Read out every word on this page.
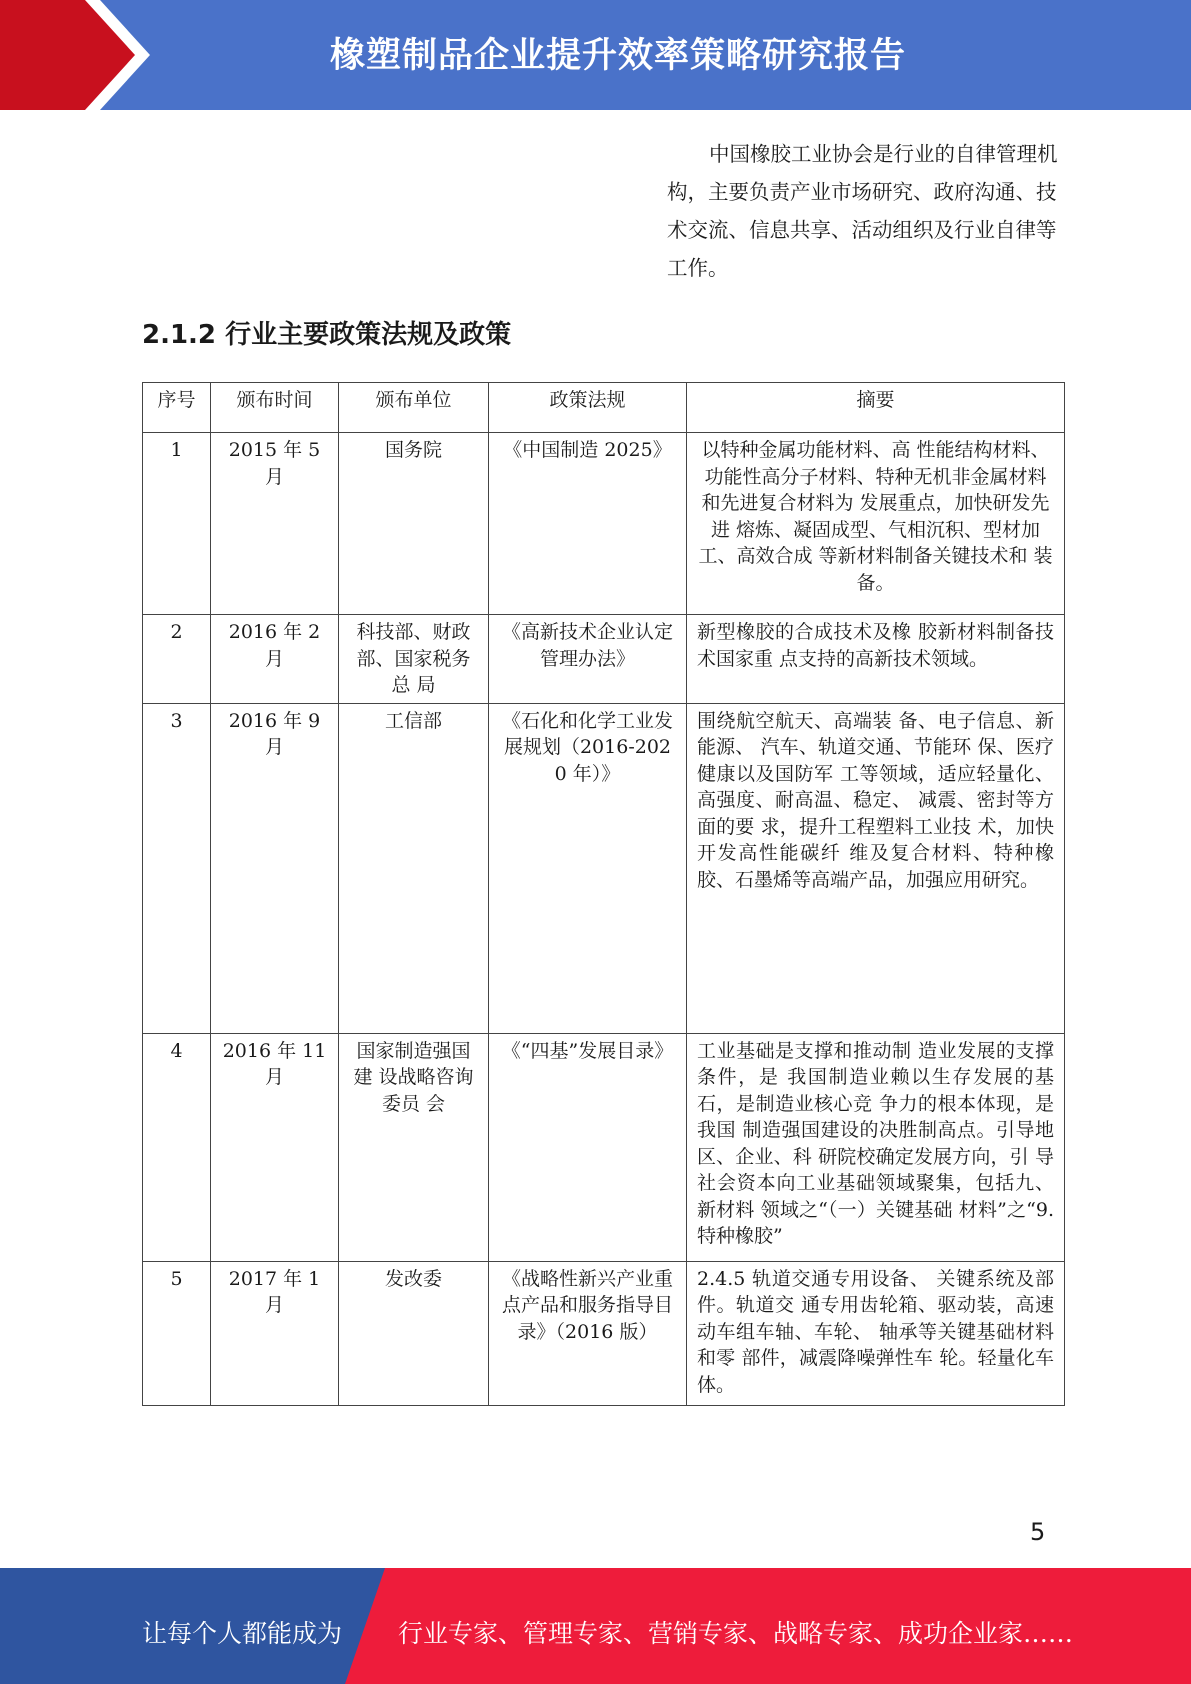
橡塑制品企业提升效率策略研究报告
中国橡胶工业协会是行业的自律管理机构，主要负责产业市场研究、政府沟通、技术交流、信息共享、活动组织及行业自律等工作。
2.1.2 行业主要政策法规及政策
序号	颁布时间	颁布单位	政策法规	摘要
1	2015 年 5 月	国务院	《中国制造 2025》	以特种金属功能材料、高 性能结构材料、功能性高分子材料、特种无机非金属材料和先进复合材料为 发展重点，加快研发先进 熔炼、凝固成型、气相沉积、型材加工、高效合成 等新材料制备关键技术和 装备。
2	2016 年 2 月	科技部、财政部、国家税务总 局	《高新技术企业认定 管理办法》	新型橡胶的合成技术及橡 胶新材料制备技术国家重 点支持的高新技术领域。
3	2016 年 9月	工信部	《石化和化学工业发 展规划（2016-2020 年）》	围绕航空航天、高端装 备、电子信息、新能源、 汽车、轨道交通、节能环 保、医疗健康以及国防军 工等领域，适应轻量化、 高强度、耐高温、稳定、 减震、密封等方面的要 求，提升工程塑料工业技 术，加快开发高性能碳纤 维及复合材料、特种橡 胶、石墨烯等高端产品，加强应用研究。
4	2016 年 11 月	国家制造强国建 设战略咨询委员 会	《“四基”发展目录》	工业基础是支撑和推动制 造业发展的支撑条件，是 我国制造业赖以生存发展的基石，是制造业核心竞 争力的根本体现，是我国 制造强国建设的决胜制高点。引导地区、企业、科 研院校确定发展方向，引 导社会资本向工业基础领域聚集，包括九、新材料 领域之“（一）关键基础 材料”之“9.特种橡胶”
5	2017 年 1 月	发改委	《战略性新兴产业重 点产品和服务指导目 录》（2016 版）	2.4.5 轨道交通专用设备、 关键系统及部件。轨道交 通专用齿轮箱、驱动装，高速动车组车轴、车轮、 轴承等关键基础材料和零 部件，减震降噪弹性车 轮。轻量化车体。
5
让每个人都能成为 行业专家、管理专家、营销专家、战略专家、成功企业家……
